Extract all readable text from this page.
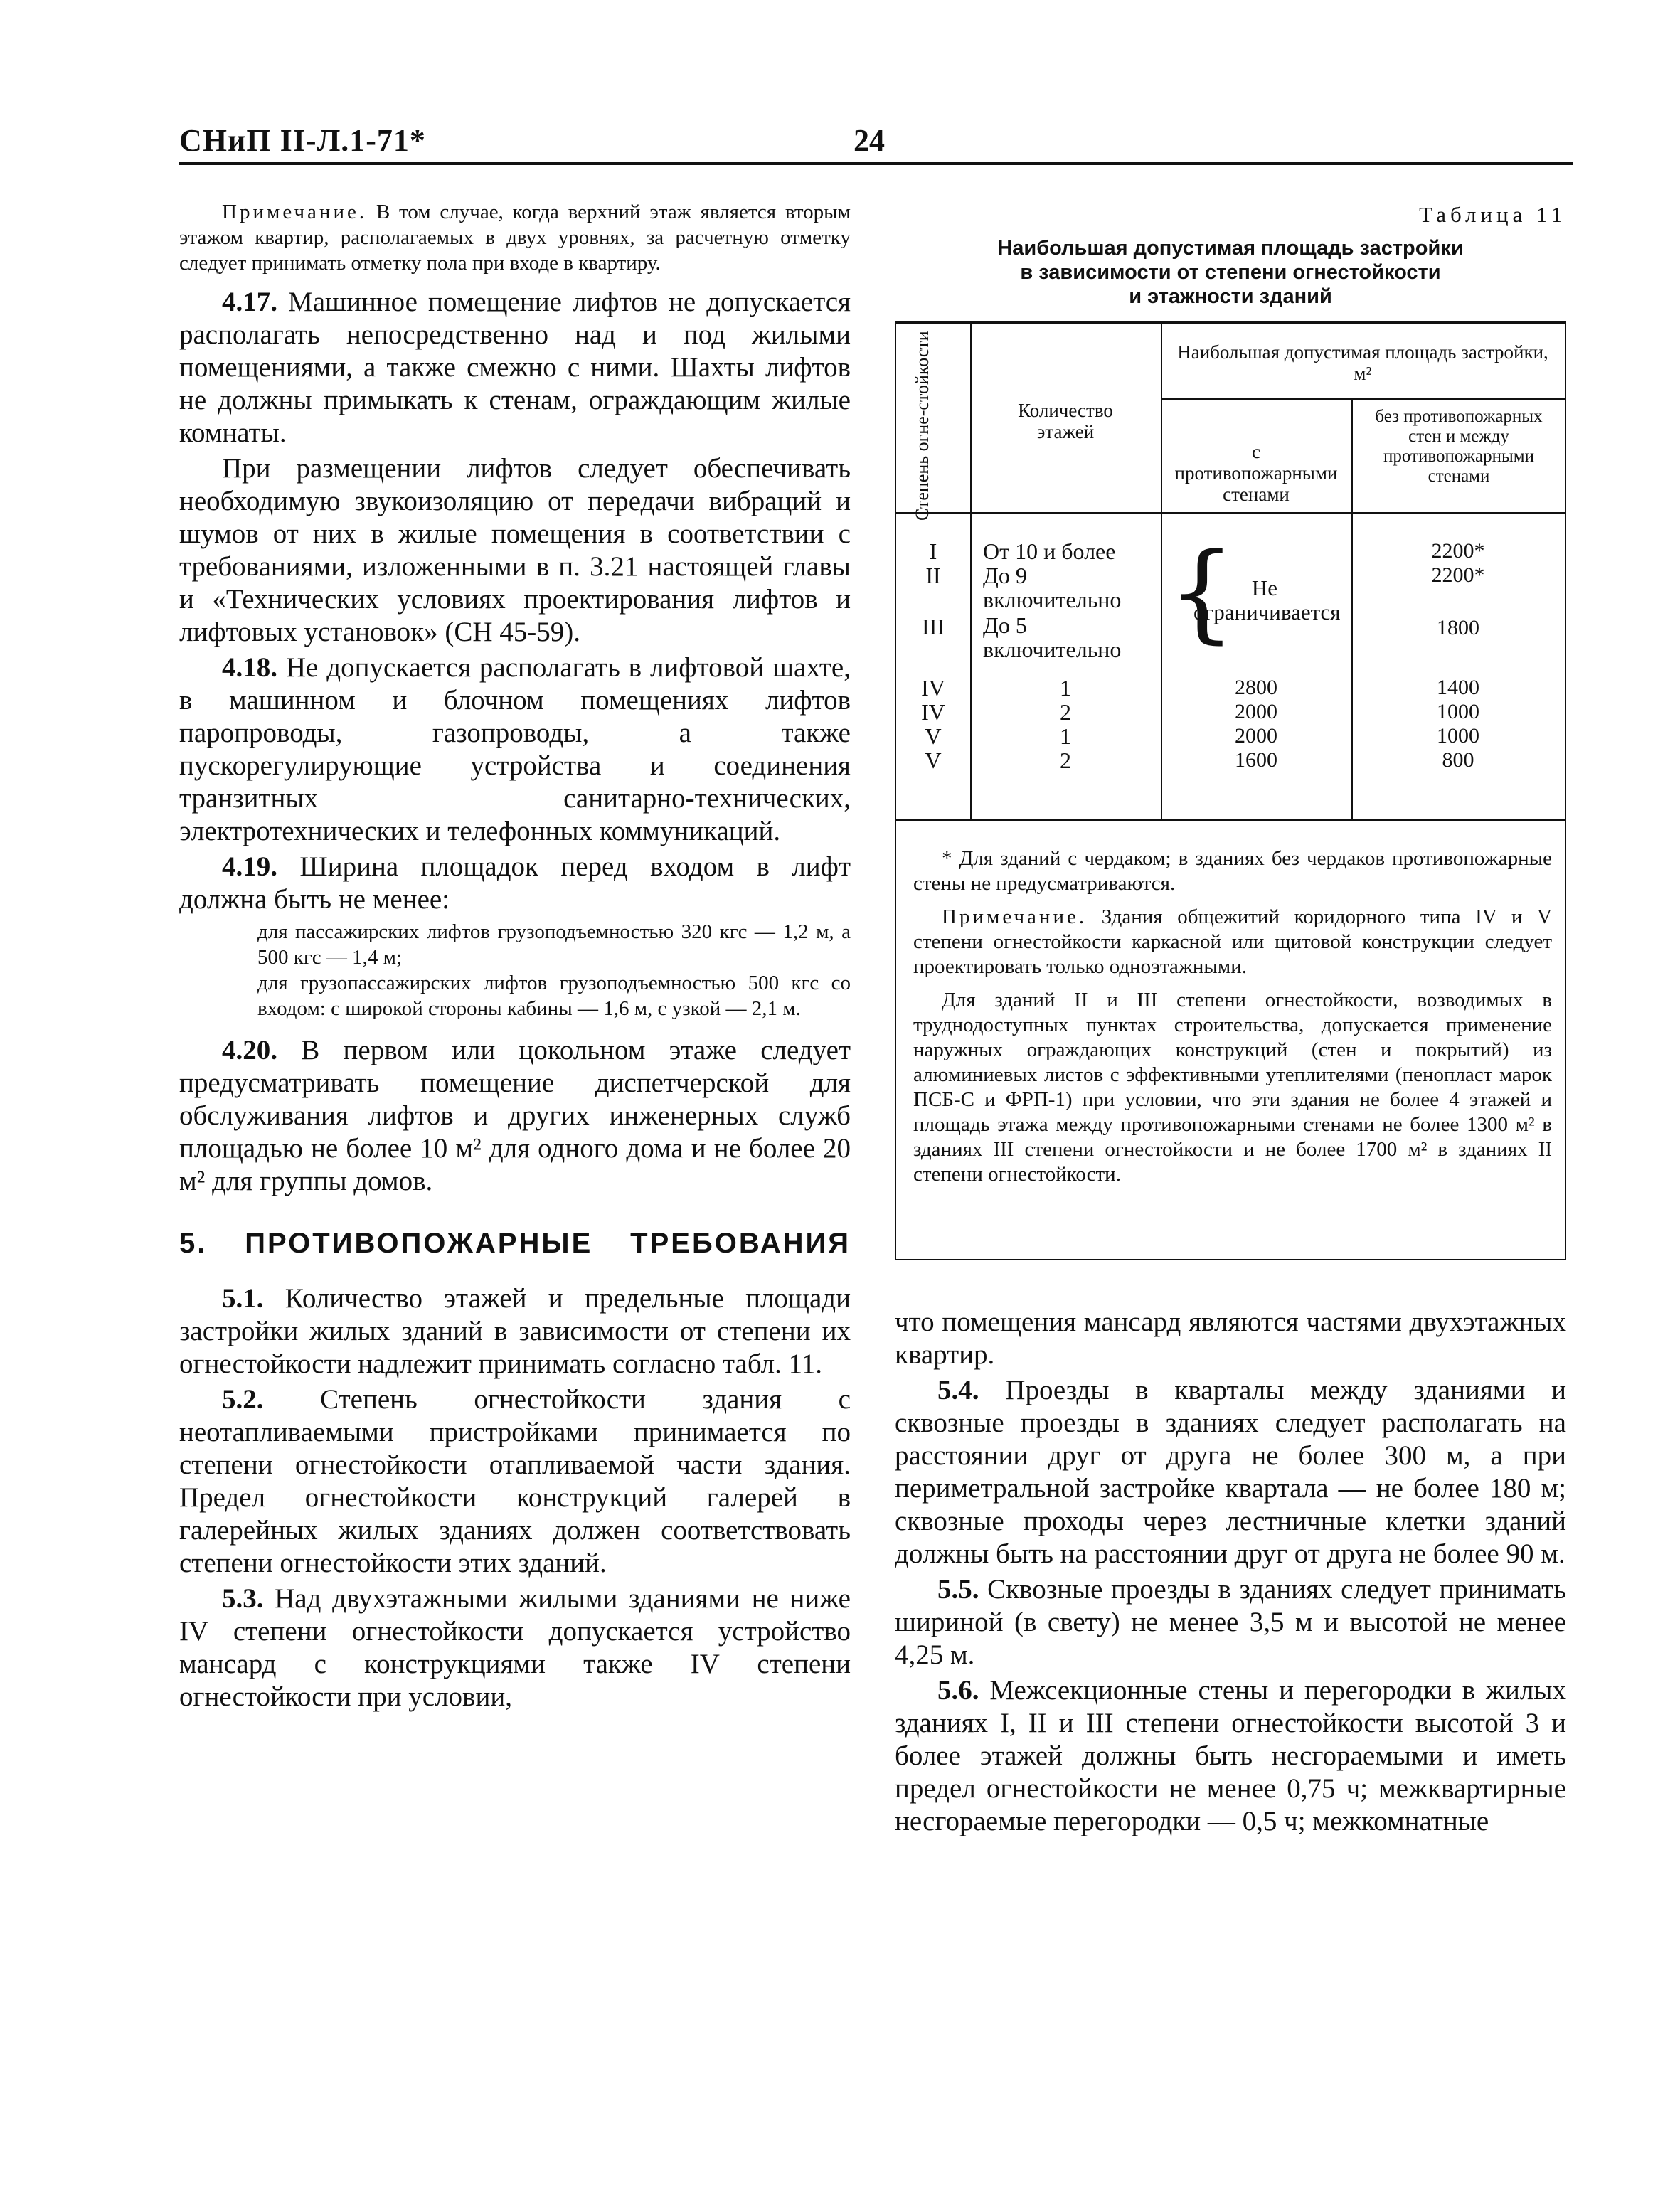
СНиП II-Л.1-71*	24

Примечание. В том случае, когда верхний этаж является вторым этажом квартир, располагаемых в двух уровнях, за расчетную отметку следует принимать отметку пола при входе в квартиру.

4.17. Машинное помещение лифтов не допускается располагать непосредственно над и под жилыми помещениями, а также смежно с ними. Шахты лифтов не должны примыкать к стенам, ограждающим жилые комнаты.

При размещении лифтов следует обеспечивать необходимую звукоизоляцию от передачи вибраций и шумов от них в жилые помещения в соответствии с требованиями, изложенными в п. 3.21 настоящей главы и «Технических условиях проектирования лифтов и лифтовых установок» (СН 45-59).

4.18. Не допускается располагать в лифтовой шахте, в машинном и блочном помещениях лифтов паропроводы, газопроводы, а также пускорегулирующие устройства и соединения транзитных санитарно-технических, электротехнических и телефонных коммуникаций.

4.19. Ширина площадок перед входом в лифт должна быть не менее:

для пассажирских лифтов грузоподъемностью 320 кгс — 1,2 м, а 500 кгс — 1,4 м;

для грузопассажирских лифтов грузоподъемностью 500 кгс со входом: с широкой стороны кабины — 1,6 м, с узкой — 2,1 м.

4.20. В первом или цокольном этаже следует предусматривать помещение диспетчерской для обслуживания лифтов и других инженерных служб площадью не более 10 м² для одного дома и не более 20 м² для группы домов.

5. ПРОТИВОПОЖАРНЫЕ ТРЕБОВАНИЯ

5.1. Количество этажей и предельные площади застройки жилых зданий в зависимости от степени их огнестойкости надлежит принимать согласно табл. 11.

5.2. Степень огнестойкости здания с неотапливаемыми пристройками принимается по степени огнестойкости отапливаемой части здания. Предел огнестойкости конструкций галерей в галерейных жилых зданиях должен соответствовать степени огнестойкости этих зданий.

5.3. Над двухэтажными жилыми зданиями не ниже IV степени огнестойкости допускается устройство мансард с конструкциями также IV степени огнестойкости при условии,

Таблица 11
Наибольшая допустимая площадь застройки
в зависимости от степени огнестойкости
и этажности зданий
Степень огне-стойкости	Количество этажей
Наибольшая допустимая площадь застройки, м²
с противопожарными стенами
без противопожарных стен и между противопожарными стенами
I
II
III
IV
IV
V
V
От 10 и более
До 9 включительно
До 5 включительно
1
2
1
2
{ Не ограничивается
2800
2000
2000
1600
2200*
2200*
1800
1400
1000
1000
800

* Для зданий с чердаком; в зданиях без чердаков противопожарные стены не предусматриваются.

Примечание. Здания общежитий коридорного типа IV и V степени огнестойкости каркасной или щитовой конструкции следует проектировать только одноэтажными.

Для зданий II и III степени огнестойкости, возводимых в труднодоступных пунктах строительства, допускается применение наружных ограждающих конструкций (стен и покрытий) из алюминиевых листов с эффективными утеплителями (пенопласт марок ПСБ-С и ФРП-1) при условии, что эти здания не более 4 этажей и площадь этажа между противопожарными стенами не более 1300 м² в зданиях III степени огнестойкости и не более 1700 м² в зданиях II степени огнестойкости.

что помещения мансард являются частями двухэтажных квартир.

5.4. Проезды в кварталы между зданиями и сквозные проезды в зданиях следует располагать на расстоянии друг от друга не более 300 м, а при периметральной застройке квартала — не более 180 м; сквозные проходы через лестничные клетки зданий должны быть на расстоянии друг от друга не более 90 м.

5.5. Сквозные проезды в зданиях следует принимать шириной (в свету) не менее 3,5 м и высотой не менее 4,25 м.

5.6. Межсекционные стены и перегородки в жилых зданиях I, II и III степени огнестойкости высотой 3 и более этажей должны быть несгораемыми и иметь предел огнестойкости не менее 0,75 ч; межквартирные несгораемые перегородки — 0,5 ч; межкомнатные
